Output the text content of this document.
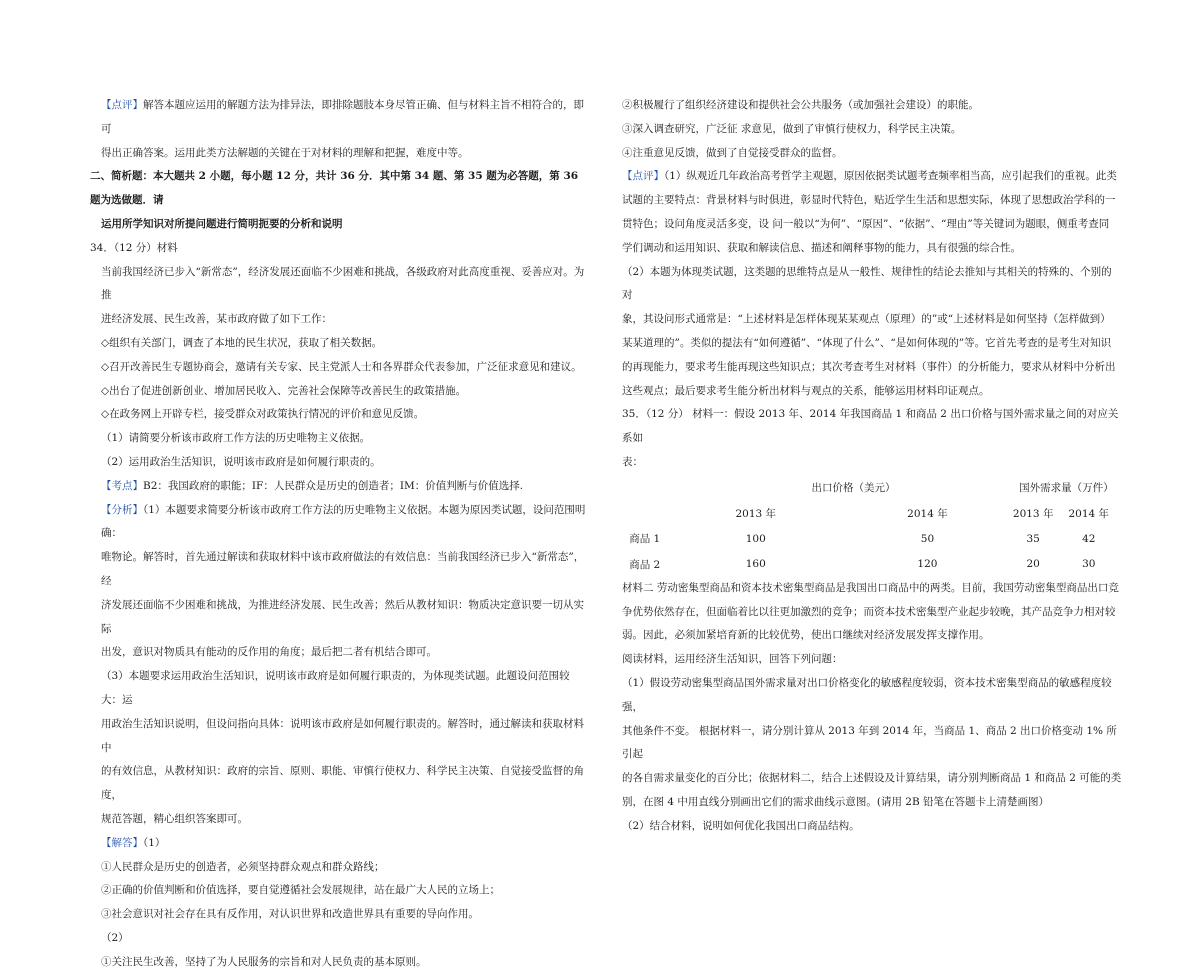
【点评】解答本题应运用的解题方法为排异法，即排除题肢本身尽管正确、但与材料主旨不相符合的，即可

得出正确答案。运用此类方法解题的关键在于对材料的理解和把握，难度中等。

二、简析题：本大题共 2 小题，每小题 12 分，共计 36 分．其中第 34 题、第 35 题为必答题，第 36 题为选做题．请

运用所学知识对所提问题进行简明扼要的分析和说明

34．（12 分）材料

当前我国经济已步入“新常态”，经济发展还面临不少困难和挑战，各级政府对此高度重视、妥善应对。为推

进经济发展、民生改善，某市政府做了如下工作：

◇组织有关部门，调查了本地的民生状况，获取了相关数据。

◇召开改善民生专题协商会，邀请有关专家、民主党派人士和各界群众代表参加，广泛征求意见和建议。

◇出台了促进创新创业、增加居民收入、完善社会保障等改善民生的政策措施。

◇在政务网上开辟专栏，接受群众对政策执行情况的评价和意见反馈。

（1）请简要分析该市政府工作方法的历史唯物主义依据。

（2）运用政治生活知识，说明该市政府是如何履行职责的。

【考点】B2：我国政府的职能；IF：人民群众是历史的创造者；IM：价值判断与价值选择.

【分析】（1）本题要求简要分析该市政府工作方法的历史唯物主义依据。本题为原因类试题，设问范围明确：

唯物论。解答时，首先通过解读和获取材料中该市政府做法的有效信息：当前我国经济已步入“新常态”，经

济发展还面临不少困难和挑战，为推进经济发展、民生改善；然后从教材知识：物质决定意识要一切从实际

出发，意识对物质具有能动的反作用的角度；最后把二者有机结合即可。

（3）本题要求运用政治生活知识，说明该市政府是如何履行职责的，为体现类试题。此题设问范围较大：运

用政治生活知识说明，但设问指向具体：说明该市政府是如何履行职责的。解答时，通过解读和获取材料中

的有效信息，从教材知识：政府的宗旨、原则、职能、审慎行使权力、科学民主决策、自觉接受监督的角度，

规范答题，精心组织答案即可。

【解答】（1）

①人民群众是历史的创造者，必须坚持群众观点和群众路线；

②正确的价值判断和价值选择，要自觉遵循社会发展规律，站在最广大人民的立场上；

③社会意识对社会存在具有反作用，对认识世界和改造世界具有重要的导向作用。

（2）

①关注民生改善，坚持了为人民服务的宗旨和对人民负责的基本原则。

②积极履行了组织经济建设和提供社会公共服务（或加强社会建设）的职能。

③深入调查研究，广泛征 求意见，做到了审慎行使权力，科学民主决策。

④注重意见反馈，做到了自觉接受群众的监督。

【点评】（1）纵观近几年政治高考哲学主观题，原因依据类试题考查频率相当高，应引起我们的重视。此类

试题的主要特点：背景材料与时俱进，彰显时代特色，贴近学生生活和思想实际，体现了思想政治学科的一

贯特色；设问角度灵活多变，设 问一般以“为何”、“原因”、“依据”、“理由”等关键词为题眼，侧重考查同

学们调动和运用知识、获取和解读信息、描述和阐释事物的能力，具有很强的综合性。

（2）本题为体现类试题，这类题的思维特点是从一般性、规律性的结论去推知与其相关的特殊的、个别的对

象，其设问形式通常是：“上述材料是怎样体现某某观点（原理）的”或“上述材料是如何坚持（怎样做到）

某某道理的”。类似的提法有“如何遵循”、“体现了什么”、“是如何体现的”等。它首先考查的是考生对知识

的再现能力，要求考生能再现这些知识点；其次考查考生对材料（事件）的分析能力，要求从材料中分析出

这些观点；最后要求考生能分析出材料与观点的关系，能够运用材料印证观点。

35．（12 分） 材料一：假设 2013 年、2014 年我国商品 1 和商品 2 出口价格与国外需求量之间的对应关系如

表：

	出口价格（美元）		国外需求量（万件）	
	2013 年	2014 年	2013 年	2014 年
商品 1	100	50	35	42
商品 2	160	120	20	30

材料二 劳动密集型商品和资本技术密集型商品是我国出口商品中的两类。目前，我国劳动密集型商品出口竞

争优势依然存在，但面临着比以往更加激烈的竞争；而资本技术密集型产业起步较晚，其产品竞争力相对较

弱。因此，必须加紧培育新的比较优势，使出口继续对经济发展发挥支撑作用。

阅读材料，运用经济生活知识，回答下列问题：

（1）假设劳动密集型商品国外需求量对出口价格变化的敏感程度较弱，资本技术密集型商品的敏感程度较强，

其他条件不变。 根据材料一，请分别计算从 2013 年到 2014 年，当商品 1、商品 2 出口价格变动 1% 所引起

的各自需求量变化的百分比；依据材料二，结合上述假设及计算结果，请分别判断商品 1 和商品 2 可能的类

别，在图 4 中用直线分别画出它们的需求曲线示意图。(请用 2B 铅笔在答题卡上清楚画图）

（2）结合材料，说明如何优化我国出口商品结构。
